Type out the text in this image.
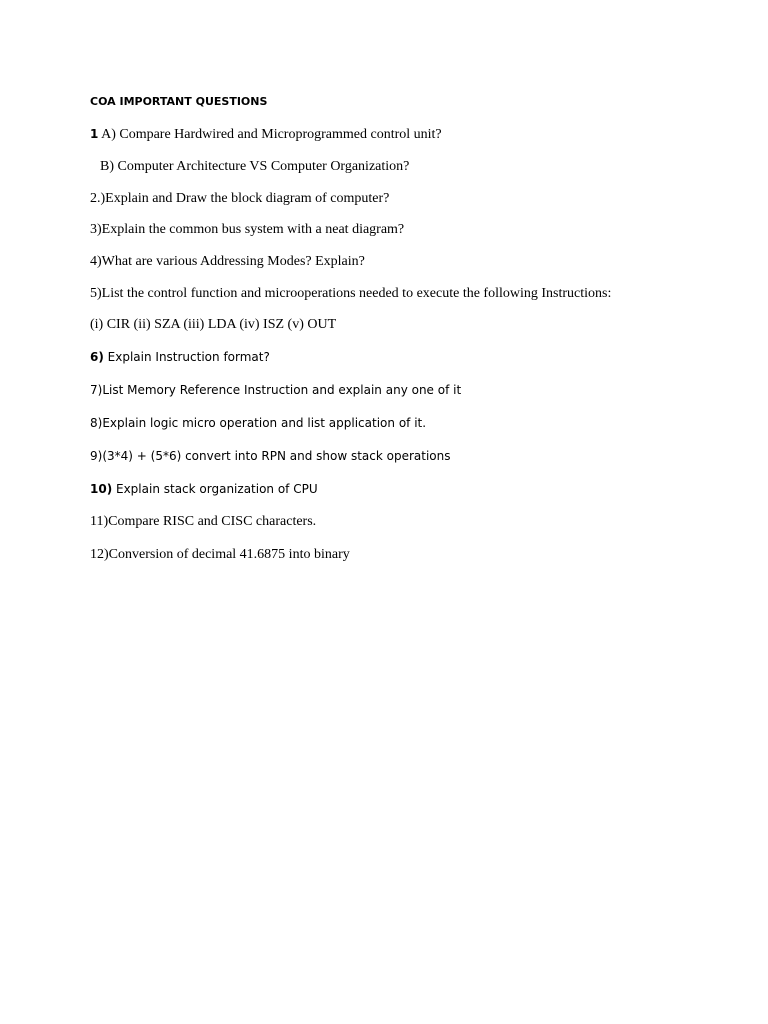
COA IMPORTANT QUESTIONS
1 A) Compare Hardwired and Microprogrammed control unit?
B) Computer Architecture VS Computer Organization?
2.)Explain and Draw the block diagram of computer?
3)Explain the common bus system with a neat diagram?
4)What are various Addressing Modes? Explain?
5)List the control function and microoperations needed to execute the following Instructions:
(i) CIR (ii) SZA (iii) LDA (iv) ISZ (v) OUT
6) Explain Instruction format?
7)List Memory Reference Instruction and explain any one of it
8)Explain logic micro operation and list application of it.
9)(3*4) + (5*6) convert into RPN and show stack operations
10) Explain stack organization of CPU
11)Compare RISC and CISC characters.
12)Conversion of decimal 41.6875 into binary
